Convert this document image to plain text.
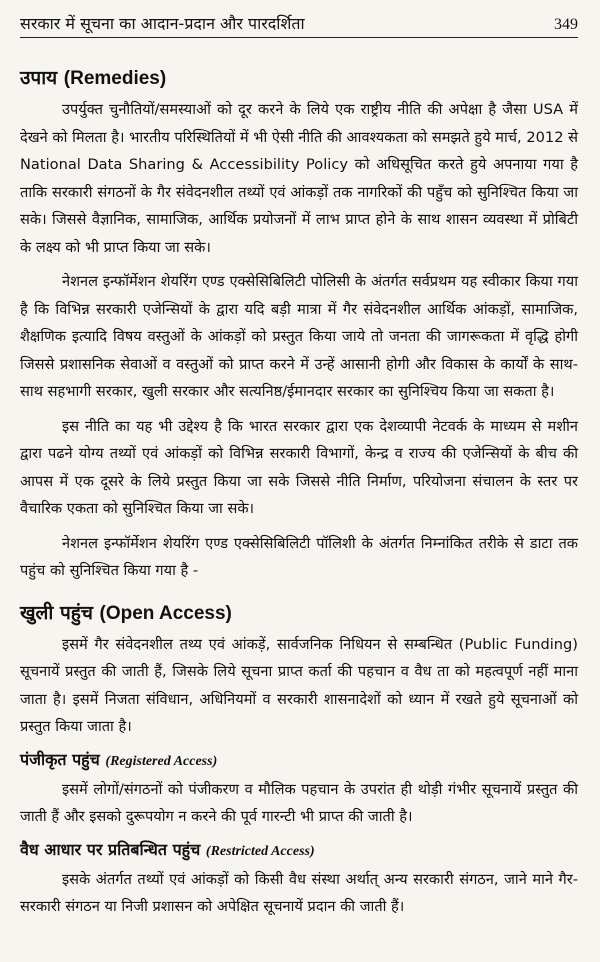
सरकार में सूचना का आदान-प्रदान और पारदर्शिता	349
उपाय (Remedies)

उपर्युक्त चुनौतियों/समस्याओं को दूर करने के लिये एक राष्ट्रीय नीति की अपेक्षा है जैसा USA में देखने को मिलता है। भारतीय परिस्थितियों में भी ऐसी नीति की आवश्यकता को समझते हुये मार्च, 2012 से National Data Sharing & Accessibility Policy को अधिसूचित करते हुये अपनाया गया है ताकि सरकारी संगठनों के गैर संवेदनशील तथ्यों एवं आंकड़ों तक नागरिकों की पहुँच को सुनिश्चित किया जा सके। जिससे वैज्ञानिक, सामाजिक, आर्थिक प्रयोजनों में लाभ प्राप्त होने के साथ शासन व्यवस्था में प्रोबिटी के लक्ष्य को भी प्राप्त किया जा सके।

नेशनल इन्फॉर्मेशन शेयरिंग एण्ड एक्सेसिबिलिटी पोलिसी के अंतर्गत सर्वप्रथम यह स्वीकार किया गया है कि विभिन्न सरकारी एजेन्सियों के द्वारा यदि बड़ी मात्रा में गैर संवेदनशील आर्थिक आंकड़ों, सामाजिक, शैक्षणिक इत्यादि विषय वस्तुओं के आंकड़ों को प्रस्तुत किया जाये तो जनता की जागरूकता में वृद्धि होगी जिससे प्रशासनिक सेवाओं व वस्तुओं को प्राप्त करने में उन्हें आसानी होगी और विकास के कार्यों के साथ-साथ सहभागी सरकार, खुली सरकार और सत्यनिष्ठ/ईमानदार सरकार का सुनिश्चिय किया जा सकता है।

इस नीति का यह भी उद्देश्य है कि भारत सरकार द्वारा एक देशव्यापी नेटवर्क के माध्यम से मशीन द्वारा पढने योग्य तथ्यों एवं आंकड़ों को विभिन्न सरकारी विभागों, केन्द्र व राज्य की एजेन्सियों के बीच की आपस में एक दूसरे के लिये प्रस्तुत किया जा सके जिससे नीति निर्माण, परियोजना संचालन के स्तर पर वैचारिक एकता को सुनिश्चित किया जा सके।

नेशनल इन्फॉर्मेशन शेयरिंग एण्ड एक्सेसिबिलिटी पॉलिशी के अंतर्गत निम्नांकित तरीके से डाटा तक पहुंच को सुनिश्चित किया गया है -

खुली पहुंच (Open Access)

इसमें गैर संवेदनशील तथ्य एवं आंकड़ें, सार्वजनिक निधियन से सम्बन्धित (Public Funding) सूचनायें प्रस्तुत की जाती हैं, जिसके लिये सूचना प्राप्त कर्ता की पहचान व वैध ता को महत्वपूर्ण नहीं माना जाता है। इसमें निजता संविधान, अधिनियमों व सरकारी शासनादेशों को ध्यान में रखते हुये सूचनाओं को प्रस्तुत किया जाता है।

पंजीकृत पहुंच (Registered Access)

इसमें लोगों/संगठनों को पंजीकरण व मौलिक पहचान के उपरांत ही थोड़ी गंभीर सूचनायें प्रस्तुत की जाती हैं और इसको दुरूपयोग न करने की पूर्व गारन्टी भी प्राप्त की जाती है।

वैध आधार पर प्रतिबन्धित पहुंच (Restricted Access)

इसके अंतर्गत तथ्यों एवं आंकड़ों को किसी वैध संस्था अर्थात् अन्य सरकारी संगठन, जाने माने गैर-सरकारी संगठन या निजी प्रशासन को अपेक्षित सूचनायें प्रदान की जाती हैं।
